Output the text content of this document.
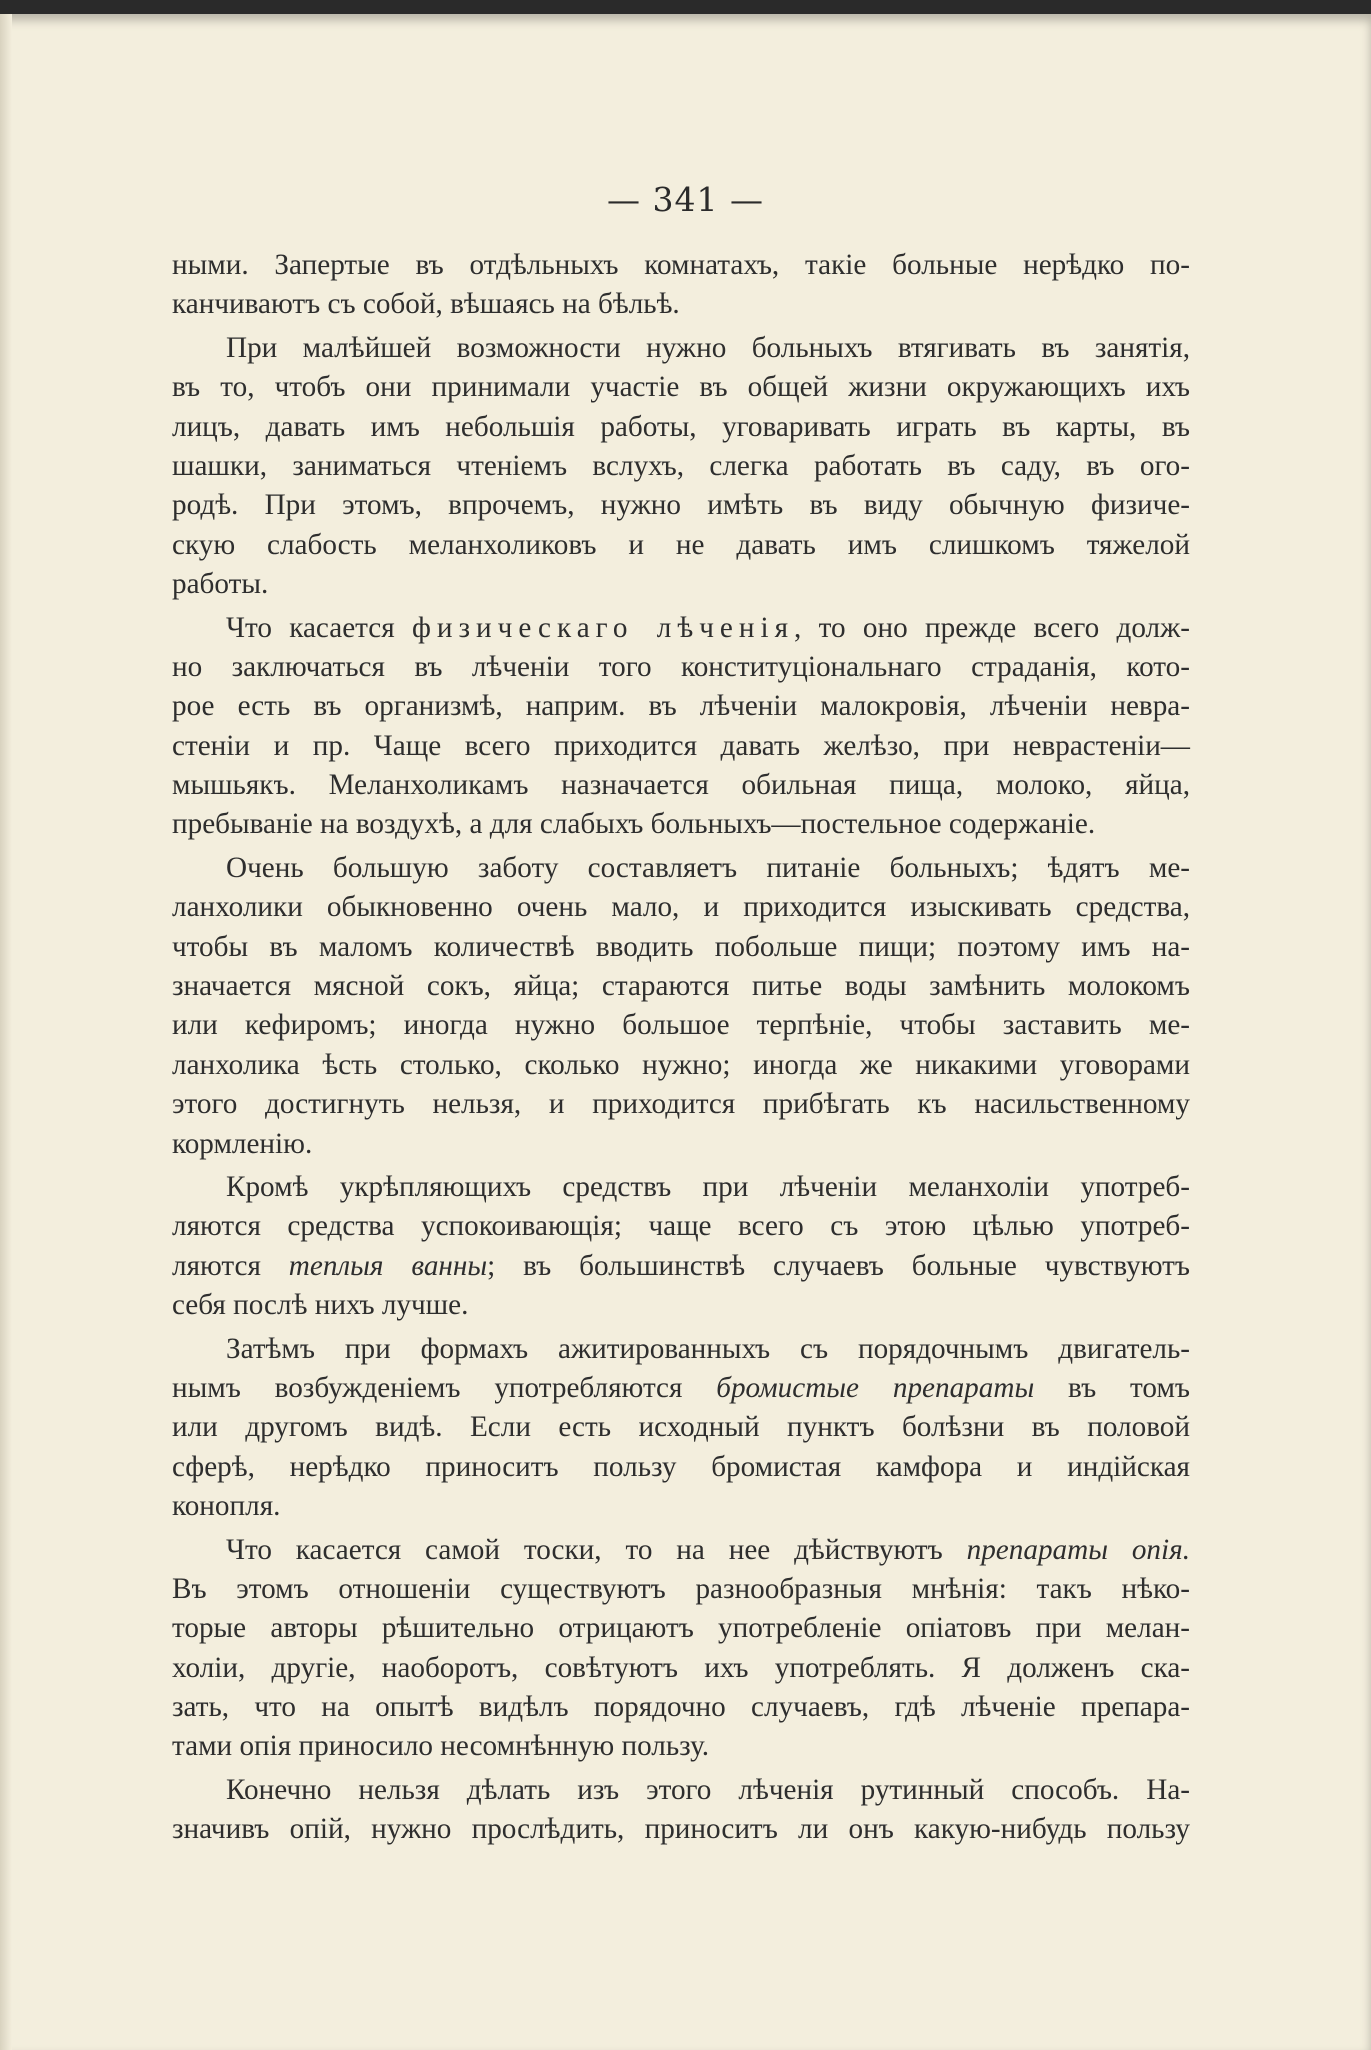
— 341 —
ными. Запертые въ отдѣльныхъ комнатахъ, такіе больные нерѣдко по-
канчиваютъ съ собой, вѣшаясь на бѣльѣ.
При малѣйшей возможности нужно больныхъ втягивать въ занятія,
въ то, чтобъ они принимали участіе въ общей жизни окружающихъ ихъ
лицъ, давать имъ небольшія работы, уговаривать играть въ карты, въ
шашки, заниматься чтеніемъ вслухъ, слегка работать въ саду, въ ого-
родѣ. При этомъ, впрочемъ, нужно имѣть въ виду обычную физиче-
скую слабость меланхоликовъ и не давать имъ слишкомъ тяжелой
работы.
Что касается физическаго лѣченія, то оно прежде всего долж-
но заключаться въ лѣченіи того конституціональнаго страданія, кото-
рое есть въ организмѣ, наприм. въ лѣченіи малокровія, лѣченіи невра-
стеніи и пр. Чаще всего приходится давать желѣзо, при неврастеніи—
мышьякъ. Меланхоликамъ назначается обильная пища, молоко, яйца,
пребываніе на воздухѣ, а для слабыхъ больныхъ—постельное содержаніе.
Очень большую заботу составляетъ питаніе больныхъ; ѣдятъ ме-
ланхолики обыкновенно очень мало, и приходится изыскивать средства,
чтобы въ маломъ количествѣ вводить побольше пищи; поэтому имъ на-
значается мясной сокъ, яйца; стараются питье воды замѣнить молокомъ
или кефиромъ; иногда нужно большое терпѣніе, чтобы заставить ме-
ланхолика ѣсть столько, сколько нужно; иногда же никакими уговорами
этого достигнуть нельзя, и приходится прибѣгать къ насильственному
кормленію.
Кромѣ укрѣпляющихъ средствъ при лѣченіи меланхоліи употреб-
ляются средства успокоивающія; чаще всего съ этою цѣлью употреб-
ляются теплыя ванны; въ большинствѣ случаевъ больные чувствуютъ
себя послѣ нихъ лучше.
Затѣмъ при формахъ ажитированныхъ съ порядочнымъ двигатель-
нымъ возбужденіемъ употребляются бромистые препараты въ томъ
или другомъ видѣ. Если есть исходный пунктъ болѣзни въ половой
сферѣ, нерѣдко приноситъ пользу бромистая камфора и индійская
конопля.
Что касается самой тоски, то на нее дѣйствуютъ препараты опія.
Въ этомъ отношеніи существуютъ разнообразныя мнѣнія: такъ нѣко-
торые авторы рѣшительно отрицаютъ употребленіе опіатовъ при мелан-
холіи, другіе, наоборотъ, совѣтуютъ ихъ употреблять. Я долженъ ска-
зать, что на опытѣ видѣлъ порядочно случаевъ, гдѣ лѣченіе препара-
тами опія приносило несомнѣнную пользу.
Конечно нельзя дѣлать изъ этого лѣченія рутинный способъ. На-
значивъ опій, нужно прослѣдить, приноситъ ли онъ какую-нибудь пользу
